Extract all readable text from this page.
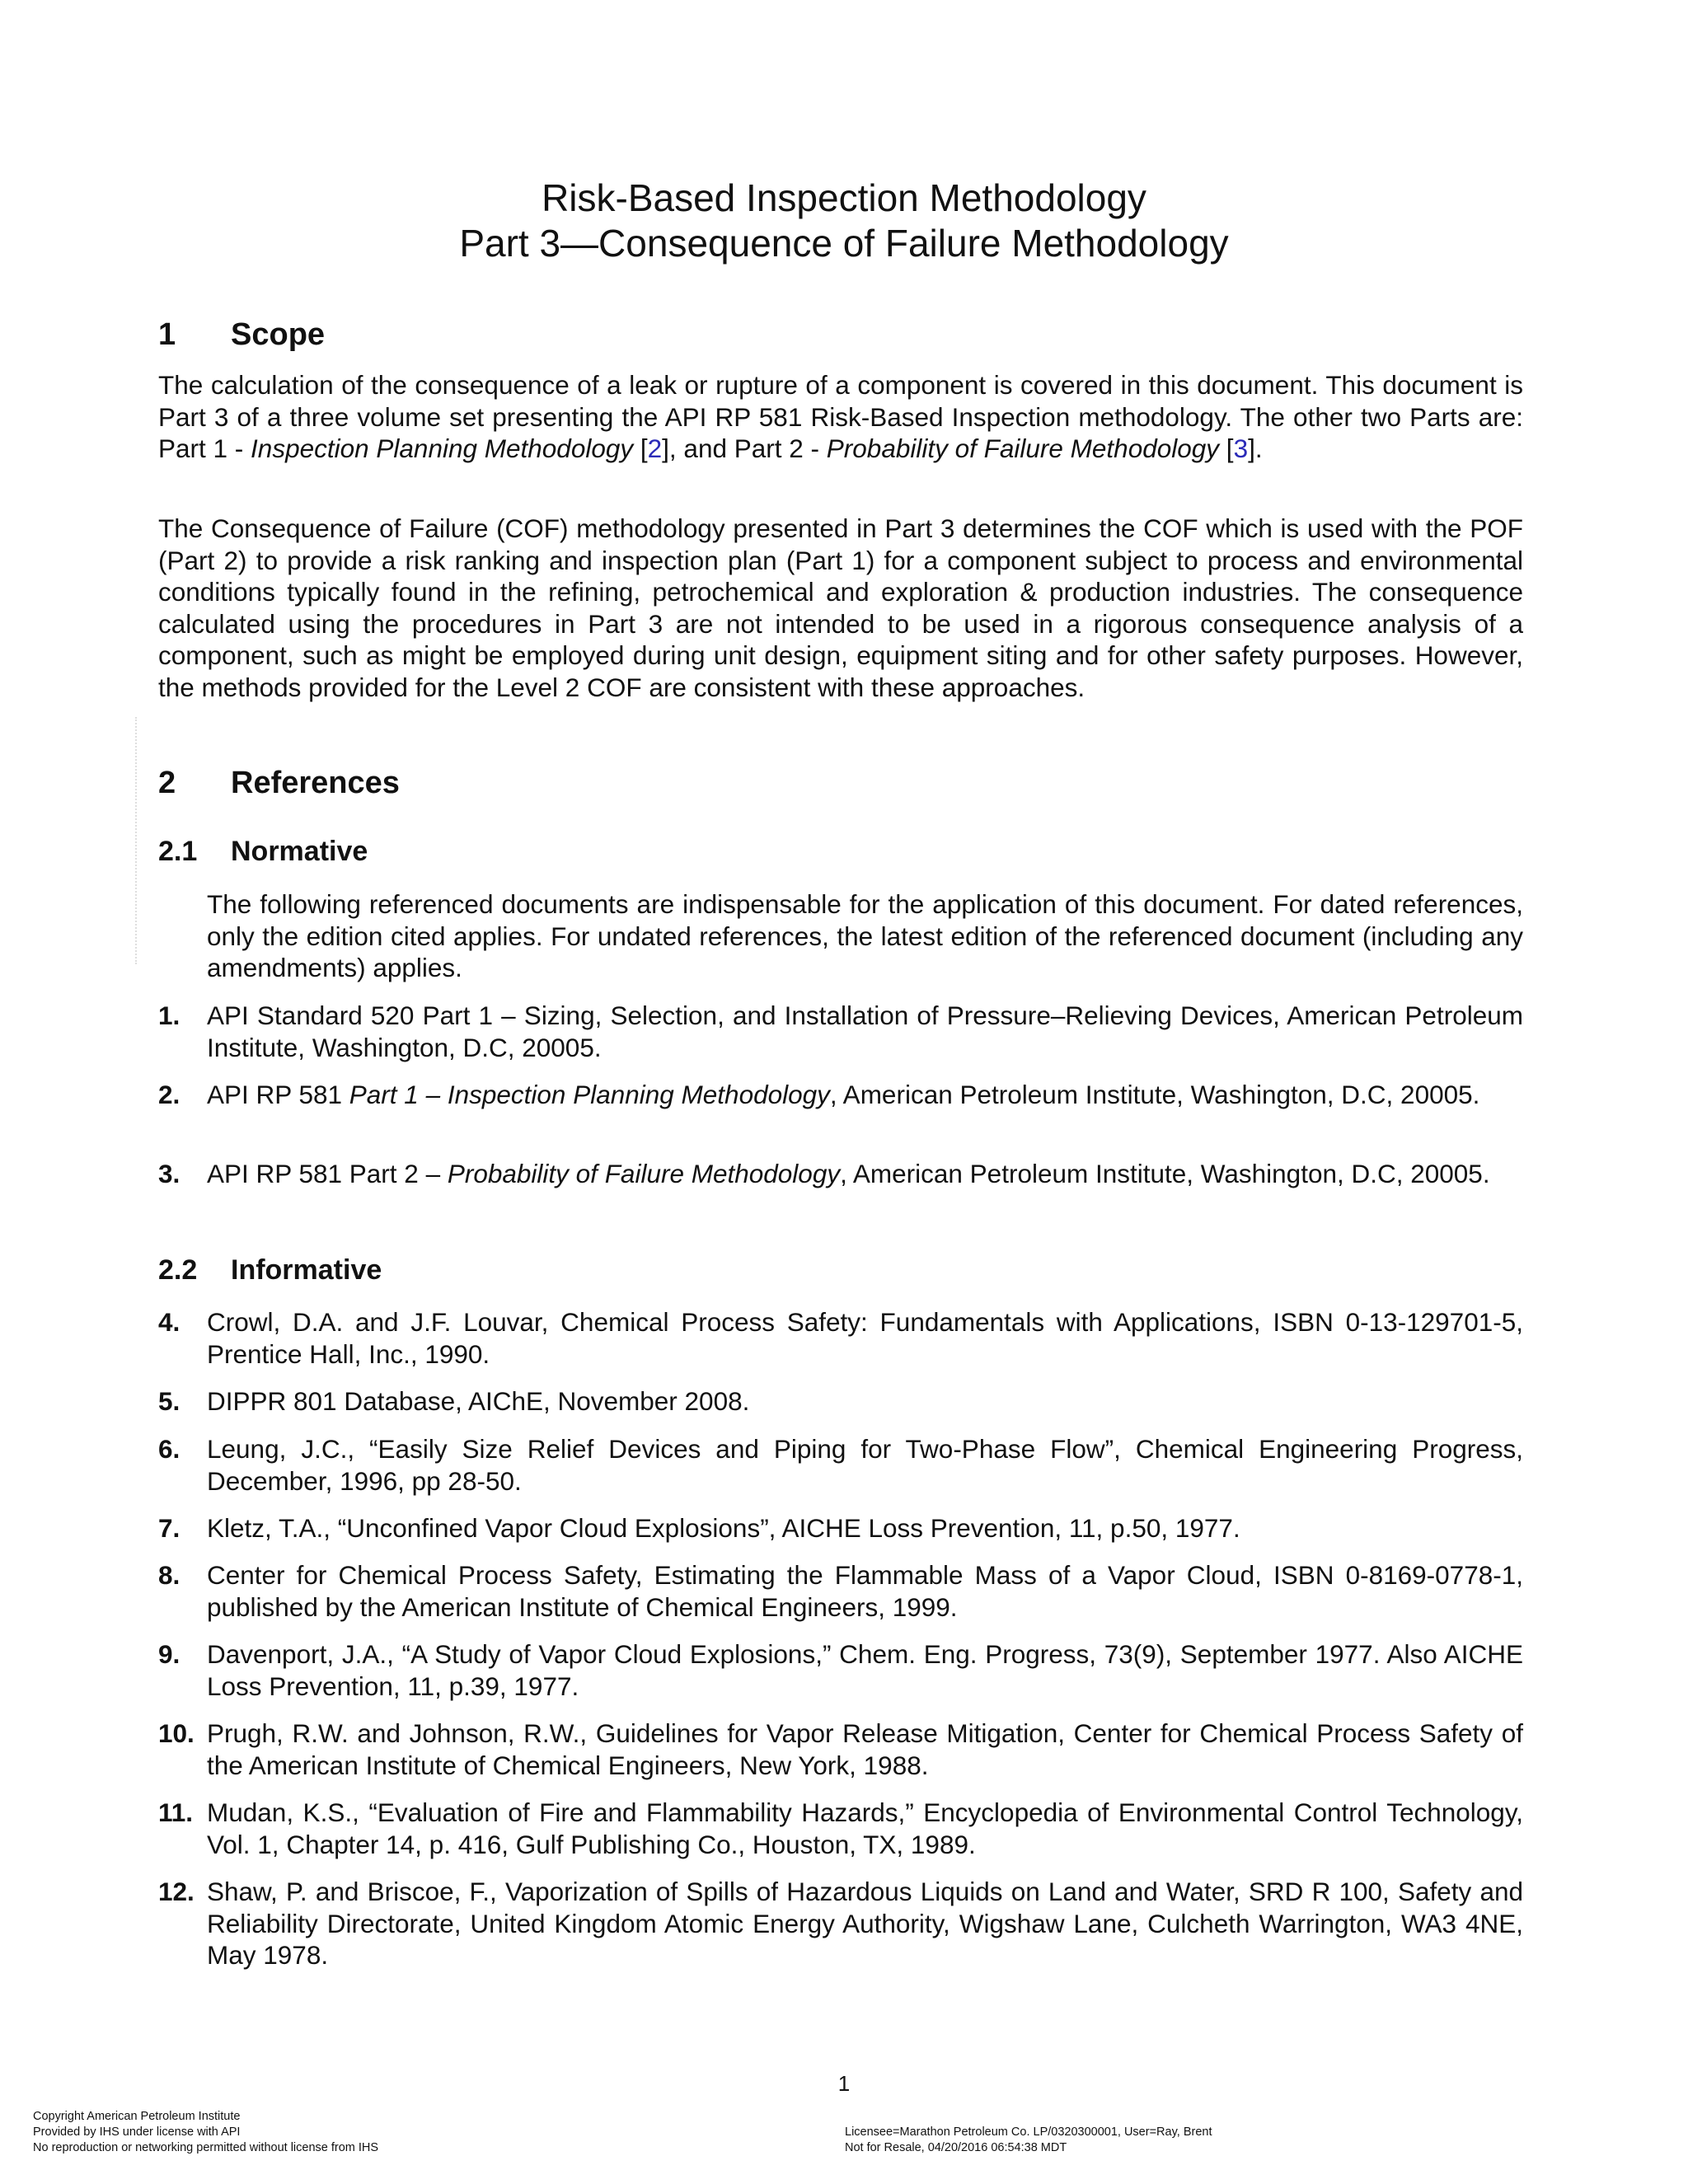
Risk-Based Inspection Methodology
Part 3—Consequence of Failure Methodology
1 Scope
The calculation of the consequence of a leak or rupture of a component is covered in this document. This document is Part 3 of a three volume set presenting the API RP 581 Risk-Based Inspection methodology. The other two Parts are: Part 1 - Inspection Planning Methodology [2], and Part 2 - Probability of Failure Methodology [3].
The Consequence of Failure (COF) methodology presented in Part 3 determines the COF which is used with the POF (Part 2) to provide a risk ranking and inspection plan (Part 1) for a component subject to process and environmental conditions typically found in the refining, petrochemical and exploration & production industries. The consequence calculated using the procedures in Part 3 are not intended to be used in a rigorous consequence analysis of a component, such as might be employed during unit design, equipment siting and for other safety purposes. However, the methods provided for the Level 2 COF are consistent with these approaches.
2 References
2.1 Normative
The following referenced documents are indispensable for the application of this document. For dated references, only the edition cited applies. For undated references, the latest edition of the referenced document (including any amendments) applies.
1.	API Standard 520 Part 1 – Sizing, Selection, and Installation of Pressure–Relieving Devices, American Petroleum Institute, Washington, D.C, 20005.
2.	API RP 581 Part 1 – Inspection Planning Methodology, American Petroleum Institute, Washington, D.C, 20005.
3.	API RP 581 Part 2 – Probability of Failure Methodology, American Petroleum Institute, Washington, D.C, 20005.
2.2 Informative
4.	Crowl, D.A. and J.F. Louvar, Chemical Process Safety: Fundamentals with Applications, ISBN 0-13-129701-5, Prentice Hall, Inc., 1990.
5.	DIPPR 801 Database, AIChE, November 2008.
6.	Leung, J.C., “Easily Size Relief Devices and Piping for Two-Phase Flow”, Chemical Engineering Progress, December, 1996, pp 28-50.
7.	Kletz, T.A., “Unconfined Vapor Cloud Explosions”, AICHE Loss Prevention, 11, p.50, 1977.
8.	Center for Chemical Process Safety, Estimating the Flammable Mass of a Vapor Cloud, ISBN 0-8169-0778-1, published by the American Institute of Chemical Engineers, 1999.
9.	Davenport, J.A., “A Study of Vapor Cloud Explosions,” Chem. Eng. Progress, 73(9), September 1977. Also AICHE Loss Prevention, 11, p.39, 1977.
10. Prugh, R.W. and Johnson, R.W., Guidelines for Vapor Release Mitigation, Center for Chemical Process Safety of the American Institute of Chemical Engineers, New York, 1988.
11. Mudan, K.S., “Evaluation of Fire and Flammability Hazards,” Encyclopedia of Environmental Control Technology, Vol. 1, Chapter 14, p. 416, Gulf Publishing Co., Houston, TX, 1989.
12. Shaw, P. and Briscoe, F., Vaporization of Spills of Hazardous Liquids on Land and Water, SRD R 100, Safety and Reliability Directorate, United Kingdom Atomic Energy Authority, Wigshaw Lane, Culcheth Warrington, WA3 4NE, May 1978.
1
Copyright American Petroleum Institute
Provided by IHS under license with API
No reproduction or networking permitted without license from IHS
Licensee=Marathon Petroleum Co. LP/0320300001, User=Ray, Brent
Not for Resale, 04/20/2016 06:54:38 MDT
